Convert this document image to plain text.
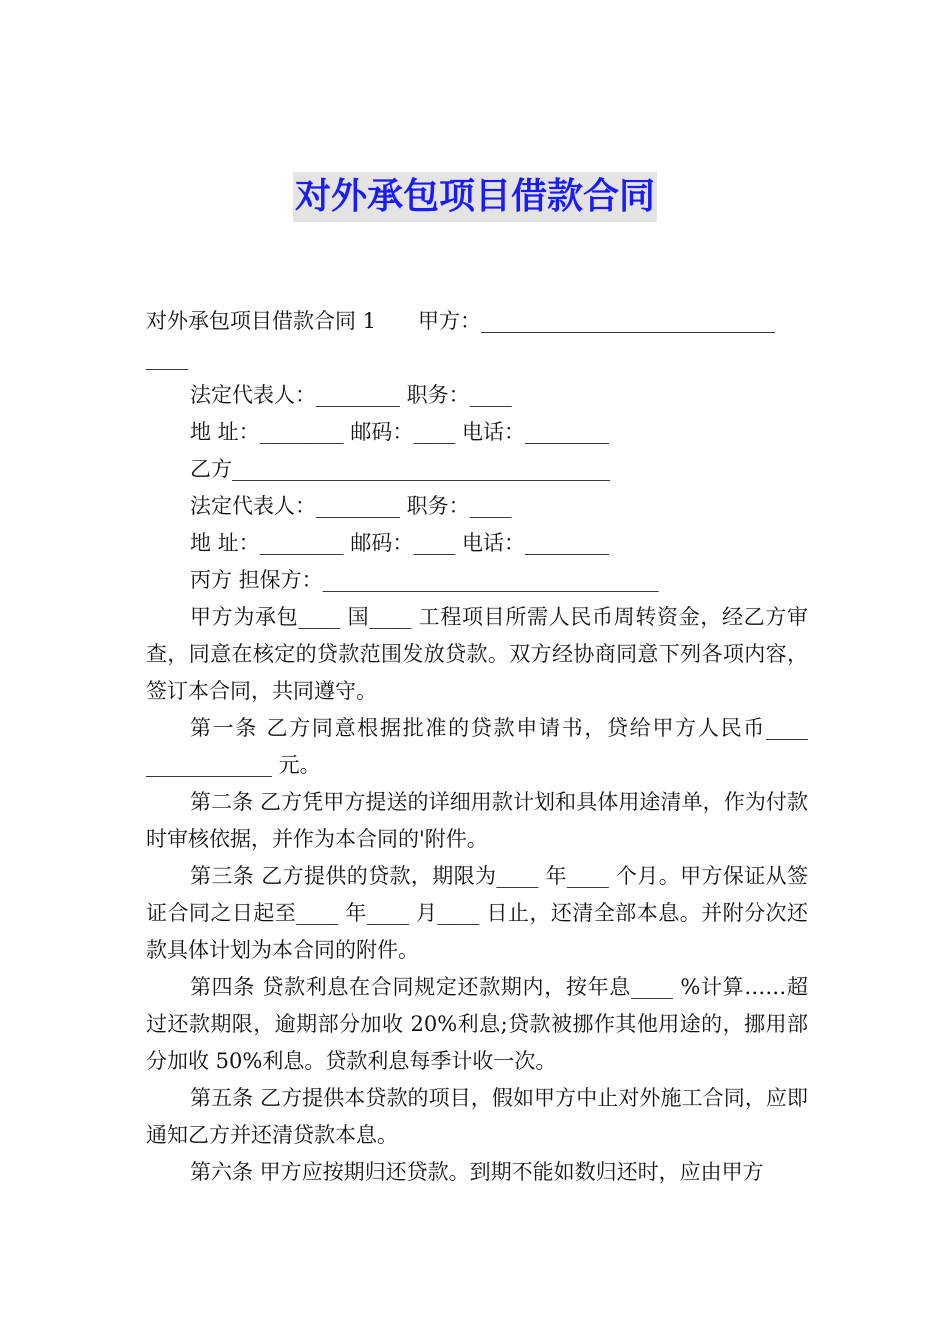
对外承包项目借款合同

对外承包项目借款合同 1　　甲方：____________________________

____

法定代表人：________ 职务：____

地 址：________ 邮码：____ 电话：________

乙方____________________________________

法定代表人：________ 职务：____

地 址：________ 邮码：____ 电话：________

丙方 担保方：________________________________

甲方为承包____ 国____ 工程项目所需人民币周转资金，经乙方审查，同意在核定的贷款范围发放贷款。双方经协商同意下列各项内容，签订本合同，共同遵守。

第一条 乙方同意根据批准的贷款申请书，贷给甲方人民币____ ____________ 元。

第二条 乙方凭甲方提送的详细用款计划和具体用途清单，作为付款时审核依据，并作为本合同的'附件。

第三条 乙方提供的贷款，期限为____ 年____ 个月。甲方保证从签证合同之日起至____ 年____ 月____ 日止，还清全部本息。并附分次还款具体计划为本合同的附件。

第四条 贷款利息在合同规定还款期内，按年息____ %计算……超过还款期限，逾期部分加收 20%利息;贷款被挪作其他用途的，挪用部分加收 50%利息。贷款利息每季计收一次。

第五条 乙方提供本贷款的项目，假如甲方中止对外施工合同，应即通知乙方并还清贷款本息。

第六条 甲方应按期归还贷款。到期不能如数归还时，应由甲方
